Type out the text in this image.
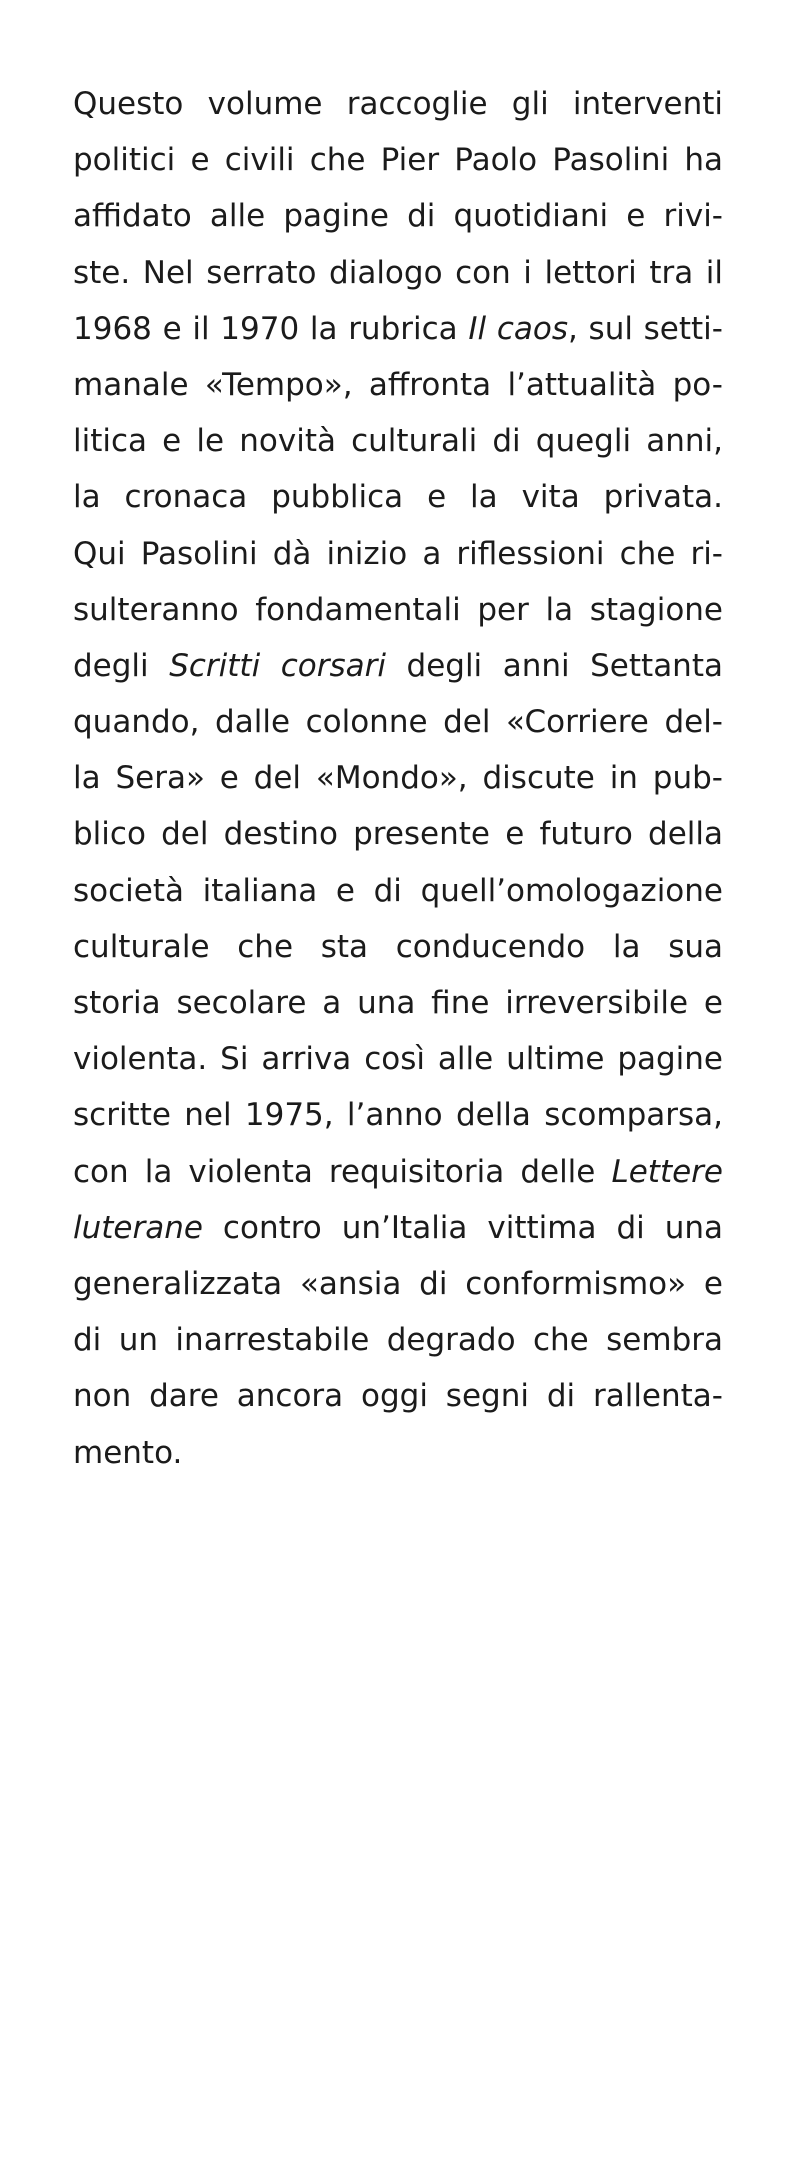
Questo volume raccoglie gli interventi
politici e civili che Pier Paolo Pasolini ha
affidato alle pagine di quotidiani e rivi-
ste. Nel serrato dialogo con i lettori tra il
1968 e il 1970 la rubrica Il caos, sul setti-
manale «Tempo», affronta l’attualità po-
litica e le novità culturali di quegli anni,
la cronaca pubblica e la vita privata.
Qui Pasolini dà inizio a riflessioni che ri-
sulteranno fondamentali per la stagione
degli Scritti corsari degli anni Settanta
quando, dalle colonne del «Corriere del-
la Sera» e del «Mondo», discute in pub-
blico del destino presente e futuro della
società italiana e di quell’omologazione
culturale che sta conducendo la sua
storia secolare a una fine irreversibile e
violenta. Si arriva così alle ultime pagine
scritte nel 1975, l’anno della scomparsa,
con la violenta requisitoria delle Lettere
luterane contro un’Italia vittima di una
generalizzata «ansia di conformismo» e
di un inarrestabile degrado che sembra
non dare ancora oggi segni di rallenta-
mento.
